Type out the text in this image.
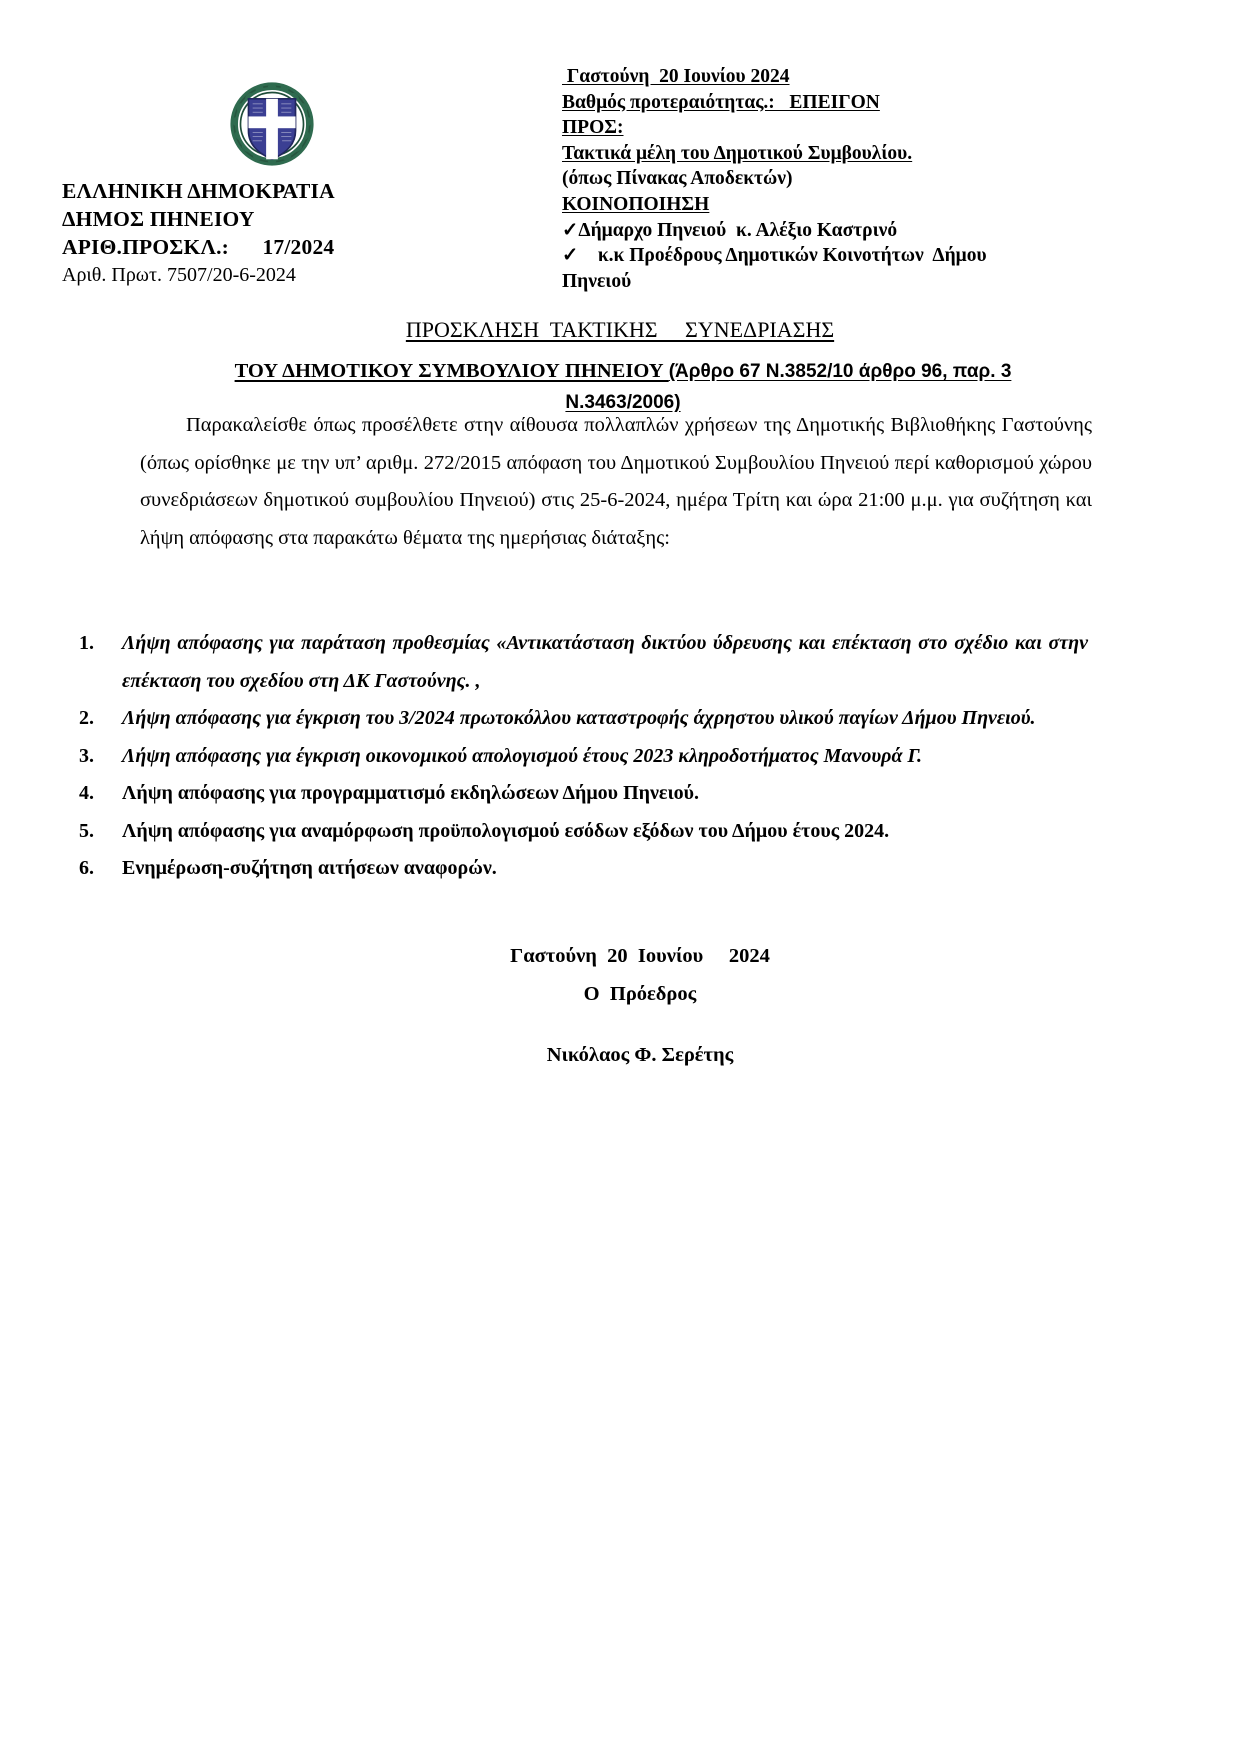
ΕΛΛΗΝΙΚΗ ΔΗΜΟΚΡΑΤΙΑ
ΔΗΜΟΣ ΠΗΝΕΙΟΥ
ΑΡΙΘ.ΠΡΟΣΚΛ.:      17/2024
Αριθ. Πρωτ. 7507/20-6-2024
Γαστούνη  20 Ιουνίου 2024
Βαθμός προτεραιότητας.:   ΕΠΕΙΓΟΝ
ΠΡΟΣ:
Τακτικά μέλη του Δημοτικού Συμβουλίου.
(όπως Πίνακας Αποδεκτών)
ΚΟΙΝΟΠΟΙΗΣΗ
✓Δήμαρχο Πηνειού  κ. Αλέξιο Καστρινό
✓    κ.κ Προέδρους Δημοτικών Κοινοτήτων  Δήμου
Πηνειού
ΠΡΟΣΚΛΗΣΗ  ΤΑΚΤΙΚΗΣ     ΣΥΝΕΔΡΙΑΣΗΣ
ΤΟΥ ΔΗΜΟΤΙΚΟΥ ΣΥΜΒΟΥΛΙΟΥ ΠΗΝΕΙΟΥ (Άρθρο 67 Ν.3852/10 άρθρο 96, παρ. 3 Ν.3463/2006)
Παρακαλείσθε όπως προσέλθετε στην αίθουσα πολλαπλών χρήσεων της Δημοτικής Βιβλιοθήκης Γαστούνης (όπως ορίσθηκε με την υπ’ αριθμ. 272/2015 απόφαση του Δημοτικού Συμβουλίου Πηνειού περί καθορισμού χώρου συνεδριάσεων δημοτικού συμβουλίου Πηνειού) στις 25-6-2024, ημέρα Τρίτη και ώρα 21:00 μ.μ. για συζήτηση και λήψη απόφασης στα παρακάτω θέματα της ημερήσιας διάταξης:
1.	Λήψη απόφασης για παράταση προθεσμίας «Αντικατάσταση δικτύου ύδρευσης και επέκταση στο σχέδιο και στην επέκταση του σχεδίου στη ΔΚ Γαστούνης. ,
2.	Λήψη απόφασης για έγκριση του 3/2024 πρωτοκόλλου καταστροφής άχρηστου υλικού παγίων Δήμου Πηνειού.
3.	Λήψη απόφασης για έγκριση οικονομικού απολογισμού έτους 2023 κληροδοτήματος Μανουρά Γ.
4.	Λήψη απόφασης για προγραμματισμό εκδηλώσεων Δήμου Πηνειού.
5.	Λήψη απόφασης για αναμόρφωση προϋπολογισμού εσόδων εξόδων του Δήμου έτους 2024.
6.	Ενημέρωση-συζήτηση αιτήσεων αναφορών.
Γαστούνη  20  Ιουνίου     2024
Ο  Πρόεδρος
Νικόλαος Φ. Σερέτης
